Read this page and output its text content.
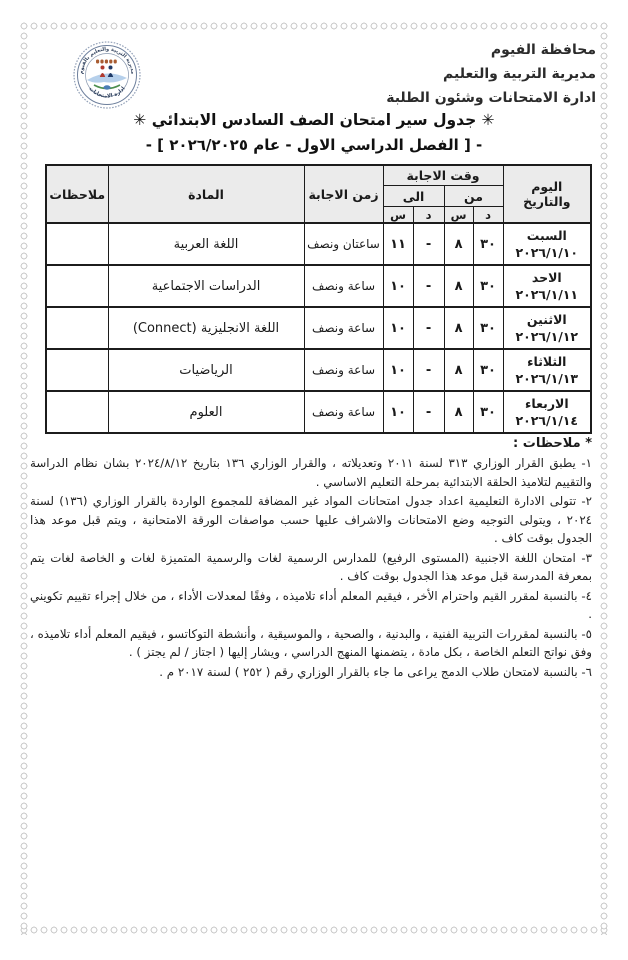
مديرية التربية والتعليم بالفيوم
ادارة الامتحانات
محافظة الفيوم
مديرية التربية والتعليم
ادارة الامتحانات وشئون الطلبة
✳ جدول سير امتحان الصف السادس الابتدائي ✳
- [ الفصل الدراسي الاول - عام ٢٠٢٦/٢٠٢٥ ] -
اليوم والتاريخ	وقت الاجابة				زمن الاجابة	المادة	ملاحظات
	من		الى				
	د	س	د	س			

السبت
٢٠٢٦/١/١٠	٣٠	٨	-	١١	ساعتان ونصف	اللغة العربية	

الاحد
٢٠٢٦/١/١١	٣٠	٨	-	١٠	ساعة ونصف	الدراسات الاجتماعية	

الاثنين
٢٠٢٦/١/١٢	٣٠	٨	-	١٠	ساعة ونصف	اللغة الانجليزية (Connect)	

الثلاثاء
٢٠٢٦/١/١٣	٣٠	٨	-	١٠	ساعة ونصف	الرياضيات	

الاربعاء
٢٠٢٦/١/١٤	٣٠	٨	-	١٠	ساعة ونصف	العلوم	
* ملاحظات :
١- يطبق القرار الوزاري ٣١٣ لسنة ٢٠١١ وتعديلاته ، والقرار الوزاري ١٣٦ بتاريخ ٢٠٢٤/٨/١٢ بشان نظام الدراسة والتقييم لتلاميذ الحلقة الابتدائية بمرحلة التعليم الاساسي .
٢- تتولى الادارة التعليمية اعداد جدول امتحانات المواد غير المضافة للمجموع الواردة بالقرار الوزاري (١٣٦) لسنة ٢٠٢٤ ، ويتولى التوجيه وضع الامتحانات والاشراف عليها حسب مواصفات الورقة الامتحانية ، ويتم قبل موعد هذا الجدول بوقت كاف .
٣- امتحان اللغة الاجنبية (المستوى الرفيع) للمدارس الرسمية لغات والرسمية المتميزة لغات و الخاصة لغات يتم بمعرفة المدرسة قبل موعد هذا الجدول بوقت كاف .
٤- بالنسبة لمقرر القيم واحترام الأخر ، فيقيم المعلم أداء تلاميذه ، وفقًا لمعدلات الأداء ، من خلال إجراء تقييم تكويني .
٥- بالنسبة لمقررات التربية الفنية ، والبدنية ، والصحية ، والموسيقية ، وأنشطة التوكاتسو ، فيقيم المعلم أداء تلاميذه ، وفق نواتج التعلم الخاصة ، بكل مادة ، يتضمنها المنهج الدراسي ، ويشار إليها ( اجتاز / لم يجتز ) .
٦- بالنسبة لامتحان طلاب الدمج يراعى ما جاء بالقرار الوزاري رقم ( ٢٥٢ ) لسنة ٢٠١٧ م .
